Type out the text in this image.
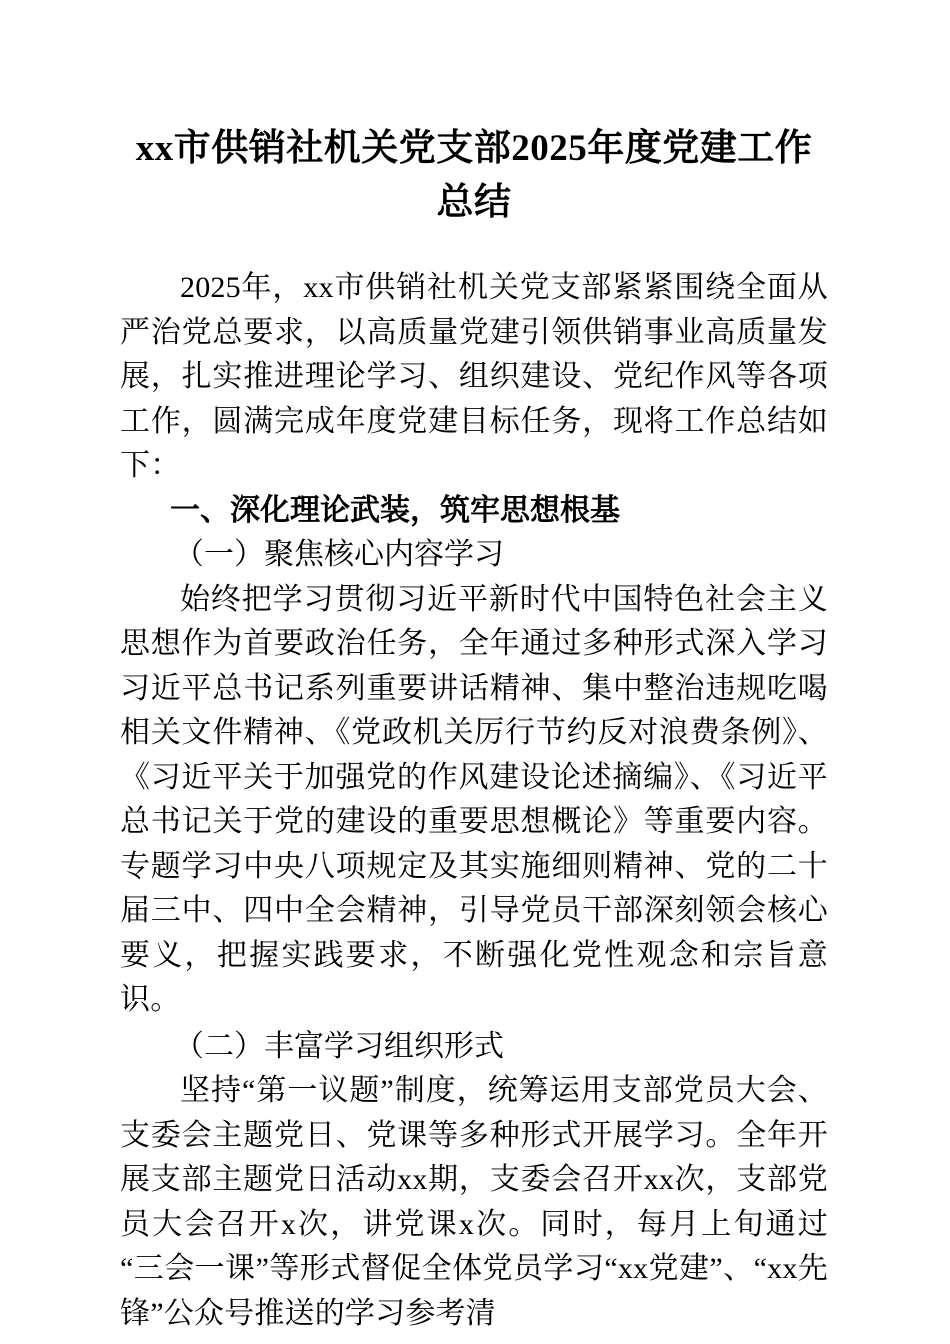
xx市供销社机关党支部2025年度党建工作总结

2025年，xx市供销社机关党支部紧紧围绕全面从严治党总要求，以高质量党建引领供销事业高质量发展，扎实推进理论学习、组织建设、党纪作风等各项工作，圆满完成年度党建目标任务，现将工作总结如下：

一、深化理论武装，筑牢思想根基
（一）聚焦核心内容学习

始终把学习贯彻习近平新时代中国特色社会主义思想作为首要政治任务，全年通过多种形式深入学习习近平总书记系列重要讲话精神、集中整治违规吃喝相关文件精神、《党政机关厉行节约反对浪费条例》、《习近平关于加强党的作风建设论述摘编》、《习近平总书记关于党的建设的重要思想概论》等重要内容。专题学习中央八项规定及其实施细则精神、党的二十届三中、四中全会精神，引导党员干部深刻领会核心要义，把握实践要求，不断强化党性观念和宗旨意识。

（二）丰富学习组织形式

坚持“第一议题”制度，统筹运用支部党员大会、支委会主题党日、党课等多种形式开展学习。全年开展支部主题党日活动xx期，支委会召开xx次，支部党员大会召开x次，讲党课x次。同时，每月上旬通过“三会一课”等形式督促全体党员学习“xx党建”、“xx先锋”公众号推送的学习参考清
